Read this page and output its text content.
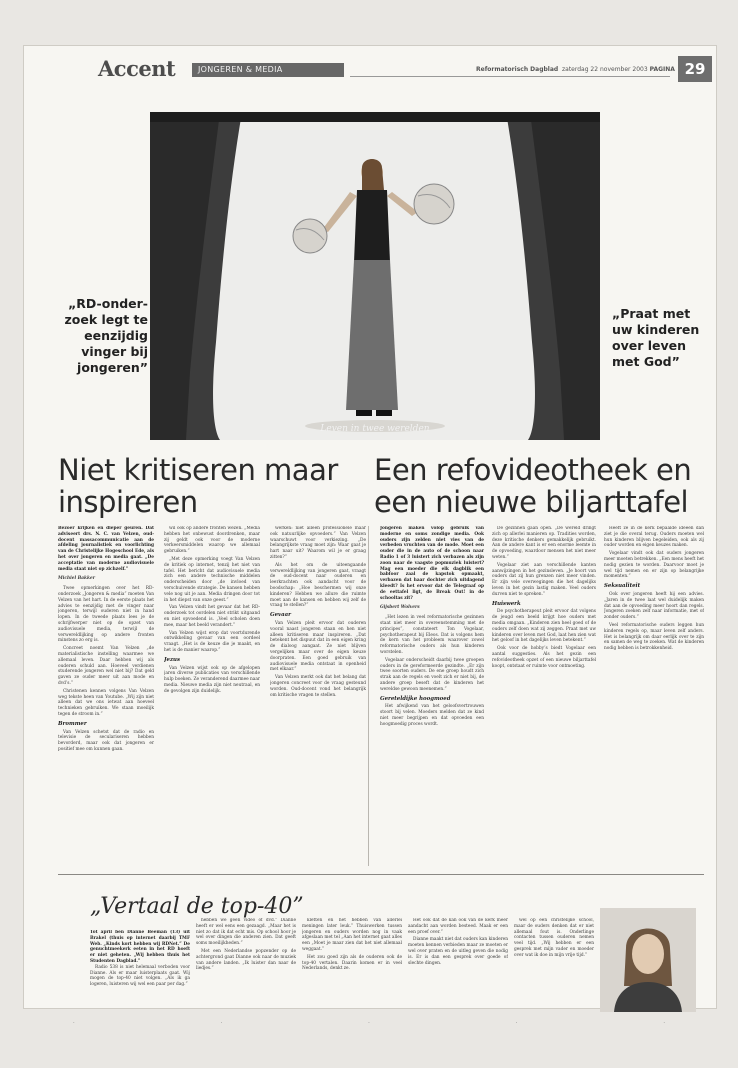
Accent	JONGEREN & MEDIA	Reformatorisch Dagblad zaterdag 22 november 2003 PAGINA 29
Leven in twee werelden
„RD-onder-zoek legt te eenzijdig vinger bij jongeren”
„Praat met uw kinderen over leven met God”
Niet kritiseren maar inspireren
Een refovideotheek en een nieuwe biljarttafel
Bezòer krijken en dieper geuren. Dat adviseert drs. N. C. van Velzen, oud-docent massacommunicatie aan de afdeling journalistiek en voorlichting van de Christelijke Hogeschool Ede, als het over jongeren en media gaat. „De acceptatie van moderne audiovisuele media staat niet op zichzelf.”
Michiel Bakker

Twee opmerkingen over het RD-onderzoek „Jongeren & media” moeten Van Velzen van het hart. In de eerste plaats het advies te eenzijdig met de vinger naar jongeren, terwijl ouderen niet in hand lopen. In de tweede plaats lees je de schrijfwerper niet op de opzet van audiovisuele media, terwijl de verwereldlijking op andere fronten minstens zo erg is.

Concreet noemt Van Velzen „de materialistische instelling waarmee we allemaal leven. Daar hebben wij als ouderen schuld aan. Hoeveel verdienen studerende jongeren wel niet bij? Dat geld gaven ze ouder meer uit aan mode en dvd’s.”

Christenen kennen volgens Van Velzen weg tekste heen van Youtube. „Wij zijn niet alleen dat we ons ietwat aan hoeveel technieken gebruiken. We staan moeilijk tegen de stroom in.”

Brommer

Van Velzen schetst dat de radio en televisie de seculariseren hebben bevorderd, maar ook dat jongeren er positief mee om kunnen gaan.

wil ook op andere fronten wezen. „Media hebben het onbewust doordrenken, maar zij geldt ook voor de moderne verkeersmiddelen waarop we allemaal gebruiken.”

„Met deze opmerking voegt Van Velzen de kritiek op internet, tenzij het niet van tafel. Het bericht dat audiovisuele media zich een andere technische middelen onderscheiden door „de invloed van verschuivende strategie. De kansen hebben vele nog uit je aan. Media dringen door tot in het diepst van onze geest.”

Van Velzen vindt het gevaar dat het RD-onderzoek tot oordelen niet strikt uitgaand en niet opvoedend is. „Veel scholen doen mee, maar het beeld verandert.”

Van Velzen wijst erop dat voortdurende ontwikkeling gevaar van een oordeel vraagt. „Het is de keuze die je maakt, en het is de manier waarop.”

Jezus

Van Velzen wijst ook op de afgelopen jaren diverse publicaties van verschillende hulp boeken. Ze veranderend daarmee naar media. Nieuwe media zijn niet neutraal, en de gevolgen zijn duidelijk.

werken: niet alleen professionele maar ook natuurlijke opvoeders.” Van Velzen waarschuwt voor verkiezing. „De belangrijkste vraag moet zijn: Waar gaat je hart naar uit? Waarom wil je er graag zitten?”

Als het om de uiteengaande verwereldlijking van jongeren gaat, vraagt de oud-docent naar ouderen en leerkrachten ook aandacht voor de boodschap: „Hoe beschermen wij onze kinderen? Hebben we allure die ruimte moet aan de kansen en hebben wij zelf de vraag te stellen?”

Gevaar

Van Velzen pleit ervoor dat ouderen vooral naast jongeren staan en hen niet alleen kritiseren maar inspireren. „Dat betekent het dispuut dat in een eigen kring de dialoog aangaat. Ze niet blijven vergelijken maar over de eigen keuze doorpraten. Een goed gebruik van audiovisuele media ontstaat in openheid met elkaar.”

Van Velzen merkt ook dat het belang dat jongeren concreet voor de vraag gesteund worden. Oud-docent vond het belangrijk om kritische vragen te stellen.

Jongeren maken volop gebruik van moderne en soms zondige media. Ook ouders zijn zelden niet vies van de verbeden vruchten van de mode. Moet een ouder die in de auto of de schoon naar Radio 1 of 3 luistert zich verbazen als zijn zoon naar de vaagste popmuziek luistert? Mag een moeder die elk dagblik een babfoor zaal de kapstok opmaakt, verbazen dat haar dochter zich uitdagend kleedt? Is het ervoor dat de Telegraaf op de eettafel ligt, de Break Out! in de schooltas zit?
Gijsbert Wolvers

„Het lezen in veel reformatorische gezinnen staat niet meer in overeenstemming met de principes”, constateert Ton Vogelaar, psychotherapeut bij Eleos. Dat is volgens hem de kern van het probleem waarover zowel reformatorische ouders als hun kinderen worstelen.

Vogelaar onderscheidt daarbij twee groepen ouders in de gereformeerde gezindte. „Er zijn twee soorten ouders. De ene groep houdt zich strak aan de regels en voelt zich er niet bij, de andere groep beseft dat de kinderen het wereldse gewoon meenemen.”

Gereteldijke hoogmoed

Het afwijkend van het geloofsvertrouwen stoort bij velen. Moeders melden dat ze kind niet meer begrijpen en dat opvoeden een hoogmoedig proces wordt.

De gezinnen gaan open. „De wereld dringt zich op allerlei manieren op. Tradities worden, deze kritische denkers gemakkelijk gebruikt. Aan de andere kant is er een enorme leemte in de opvoeding, waardoor mensen het niet meer weten.”

Vogelaar ziet aan verschillende kanten aanwijzingen in het gezinsleven. „Je hoort van ouders dat zij hun grenzen niet meer vinden. Er zijn vele overwegingen die het dagelijks leven in het gezin lastig maken. Veel ouders durven niet te spreken.”

Huiswerk

De psychotherapeut pleit ervoor dat volgens de jeugd een beeld krijgt hoe ouders met media omgaan. „Kinderen zien heel goed of de ouders zelf doen wat zij zeggen. Praat met uw kinderen over leven met God, laat hen zien wat het geloof in het dagelijks leven betekent.”

Ook voor de hobby’s biedt Vogelaar een aantal suggesties. Als het gezin een refovideotheek opzet of een nieuwe biljarttafel koopt, ontstaat er ruimte voor ontmoeting.

Heeft ze in de kerk bepaalde ideeën dan ziet je die overal terug. Ouders moeten wel hun kinderen blijven begeleiden, ook als zij ouder worden en eigen keuzes maken.

Vogelaar vindt ook dat ouders jongeren meer moeten betrekken. „Een mens heeft het nodig gezien te worden. Daarvoor moet je wel tijd nemen en er zijn op belangrijke momenten.”

Seksualiteit

Ook over jongeren heeft hij een advies. „Jaren in de twee laat wel duidelijk maken dat aan de opvoeding meer hoort dan regels. Jongeren zoeken zelf naar informatie, met of zonder ouders.”

Veel reformatorische ouders leggen hun kinderen regels op, maar leven zelf anders. Het is belangrijk om daar eerlijk over te zijn en samen de weg te zoeken. Wat de kinderen nodig hebben is betrokkenheid.

„Vertaal de top-40”
Tot april ben Dianne Beeman (13) uit Brakel (thuis op internet daarbij TMF Web. „Kinds kort hebben wij RDNet.” De genuchtmeekerk eeten in het RD hoeft er niet geheten. „Wij hebben thuis het Studenten Dagblad.”

Radio 538 is niet helemaal verboden voor Dianne. Als er maar luisterplaats gaat. Wij mogen de top-40 niet volgen. „Als ik ga logeren, luisteren wij wel een paar per dag.”

hebben we geen video of dvd.” Dianne heeft er wel eens een gezaagd. „Maar het is niet zo dat ik dat echt mis. Op school hoor je wel over dingen die anderen zien. Dat geeft soms moeilijkheden.”

Met een Nederlandse popzender op de achtergrond gaat Dianne ook naar de muziek van andere landen. „Ik luister dan naar de liedjes.”

kletten en het hebben van allerlei meningen later leuk.” Thuiswerken tussen jongeren en ouders worden nog in vaak afgeslaan met tel „Aan het internet gaat alles een „Moet je maar zien dat het niet allemaal weggaat.”

Het zou goed zijn als de ouderen ook de top-40 vertalen. Daarin komen er in veel Nederlands, denkt ze.

Het ook dat de kan ook van de kerk meer aandacht aan worden besteed. Maak er een een proef over.”

Dianne maakt niet dat ouders kan kinderen moeten kennen verbieden maar ze moeten er wel over praten en de uitleg geven die nodig is. Er is dan een gesprek over goede of slechte dingen.

wel op een christelijke school, maar de ouders denken dat er niet allemaal fout is. Onderlinge contacten tussen ouderen nemen veel tijd. „Wij hebben er een gesprek met mijn vader en moeder over wat ik doe in mijn vrije tijd.”

·	·	·	·	·
